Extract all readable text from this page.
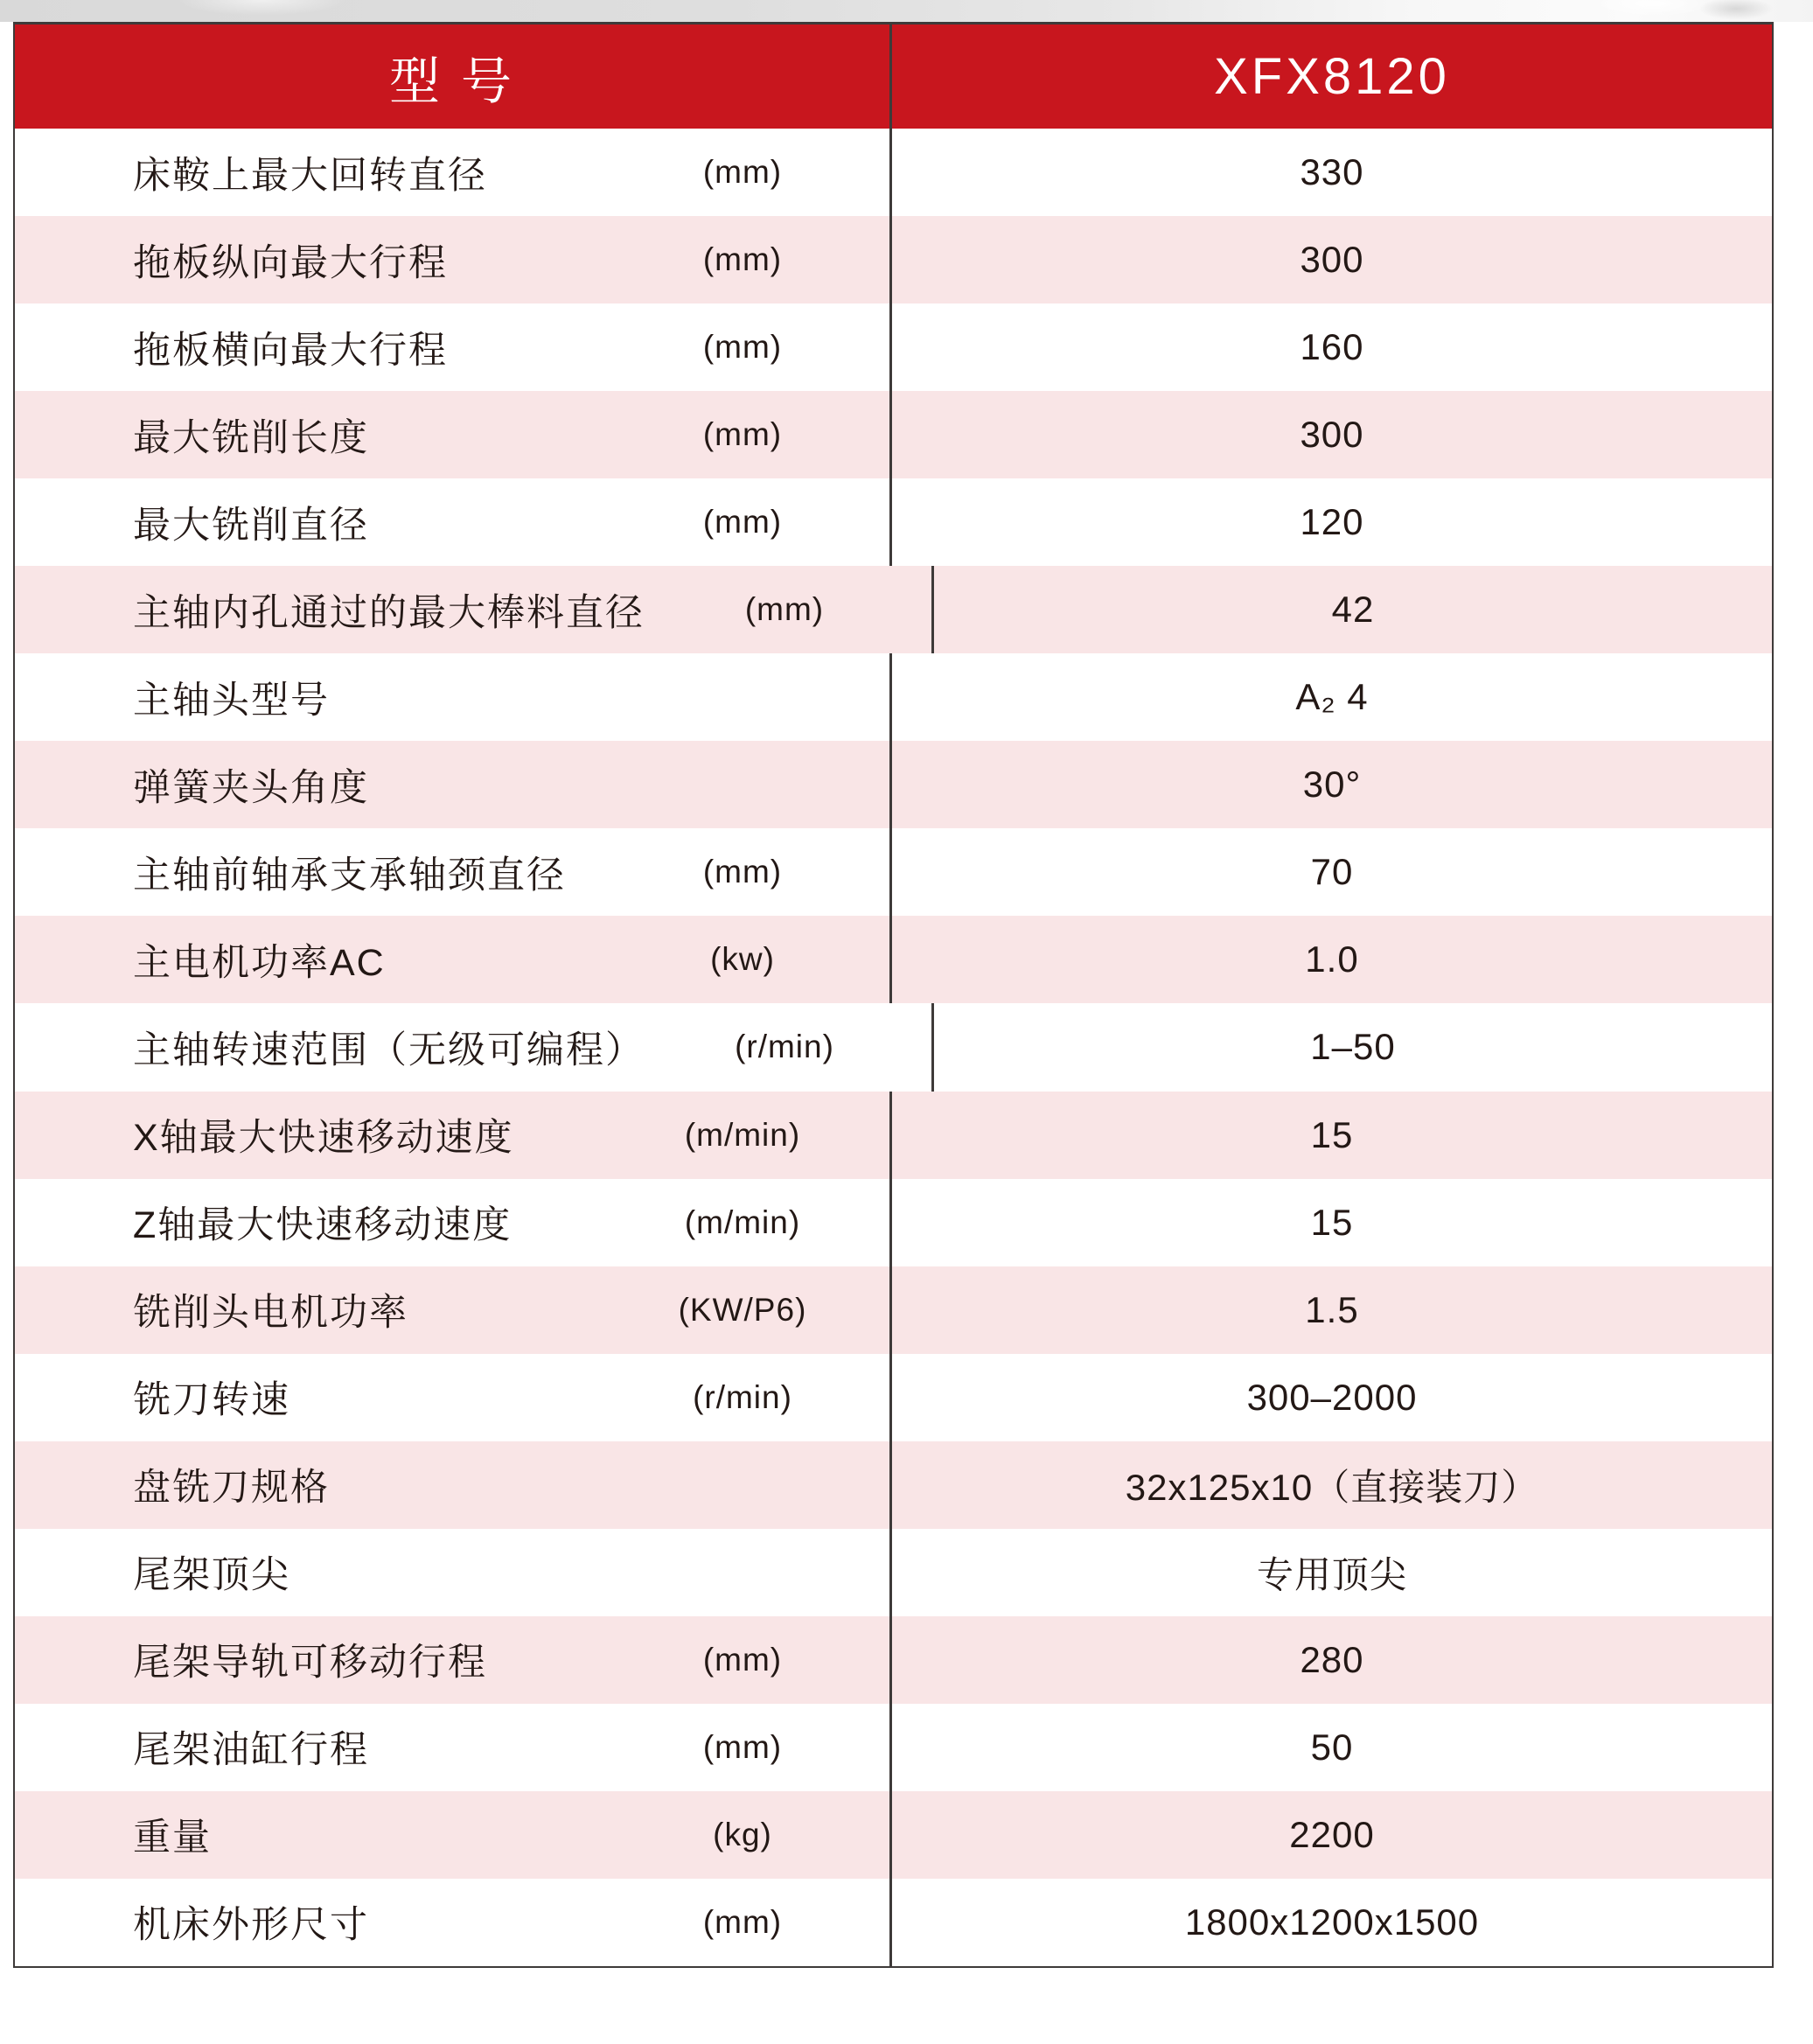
型 号	XFX8120
床鞍上最大回转直径	(mm)	330
拖板纵向最大行程	(mm)	300
拖板横向最大行程	(mm)	160
最大铣削长度	(mm)	300
最大铣削直径	(mm)	120
主轴内孔通过的最大棒料直径	(mm)	42
主轴头型号	A₂ 4
弹簧夹头角度	30°
主轴前轴承支承轴颈直径	(mm)	70
主电机功率AC	(kw)	1.0
主轴转速范围（无级可编程）	(r/min)	1–50
X轴最大快速移动速度	(m/min)	15
Z轴最大快速移动速度	(m/min)	15
铣削头电机功率	(KW/P6)	1.5
铣刀转速	(r/min)	300–2000
盘铣刀规格	32x125x10（直接装刀）
尾架顶尖	专用顶尖
尾架导轨可移动行程	(mm)	280
尾架油缸行程	(mm)	50
重量	(kg)	2200
机床外形尺寸	(mm)	1800x1200x1500
